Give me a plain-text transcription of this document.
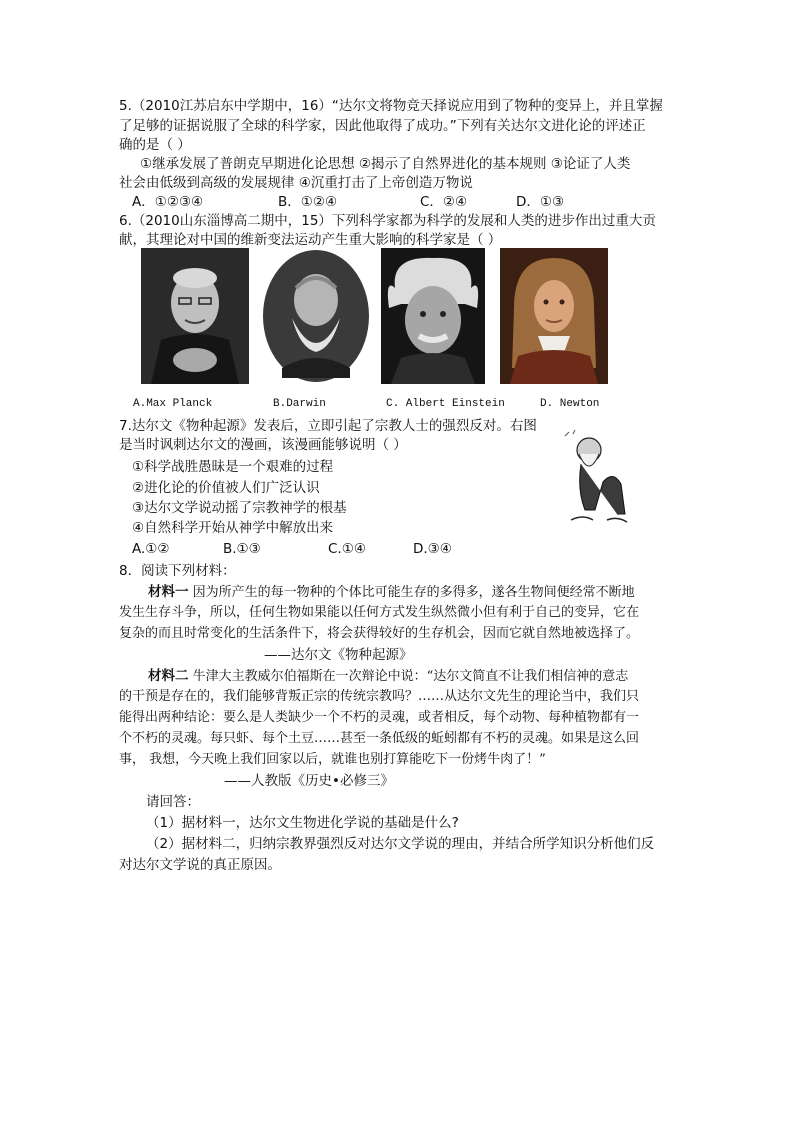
5.（2010江苏启东中学期中，16）“达尔文将物竞天择说应用到了物种的变异上，并且掌握
了足够的证据说服了全球的科学家，因此他取得了成功。”下列有关达尔文进化论的评述正
确的是（ ）
①继承发展了普朗克早期进化论思想 ②揭示了自然界进化的基本规则 ③论证了人类
社会由低级到高级的发展规律 ④沉重打击了上帝创造万物说
A．①②③④	B．①②④	C．②④	D．①③
6.（2010山东淄博高二期中，15）下列科学家都为科学的发展和人类的进步作出过重大贡
献，其理论对中国的维新变法运动产生重大影响的科学家是（ ）
A.Max Planck	B.Darwin	C. Albert Einstein	D. Newton
7.达尔文《物种起源》发表后，立即引起了宗教人士的强烈反对。右图
是当时讽刺达尔文的漫画，该漫画能够说明（ ）
①科学战胜愚昧是一个艰难的过程
②进化论的价值被人们广泛认识
③达尔文学说动摇了宗教神学的根基
④自然科学开始从神学中解放出来
A.①②	B.①③	C.①④	D.③④
8．阅读下列材料：
材料一 因为所产生的每一物种的个体比可能生存的多得多，遂各生物间便经常不断地
发生生存斗争，所以，任何生物如果能以任何方式发生纵然微小但有利于自己的变异，它在
复杂的而且时常变化的生活条件下，将会获得较好的生存机会，因而它就自然地被选择了。
——达尔文《物种起源》
材料二 牛津大主教威尔伯福斯在一次辩论中说：“达尔文简直不让我们相信神的意志
的干预是存在的，我们能够背叛正宗的传统宗教吗？……从达尔文先生的理论当中，我们只
能得出两种结论：要么是人类缺少一个不朽的灵魂，或者相反，每个动物、每种植物都有一
个不朽的灵魂。每只虾、每个土豆……甚至一条低级的蚯蚓都有不朽的灵魂。如果是这么回
事， 我想，今天晚上我们回家以后，就谁也别打算能吃下一份烤牛肉了！”
——人教版《历史•必修三》
请回答：
（1）据材料一，达尔文生物进化学说的基础是什么?
（2）据材料二，归纳宗教界强烈反对达尔文学说的理由，并结合所学知识分析他们反
对达尔文学说的真正原因。
